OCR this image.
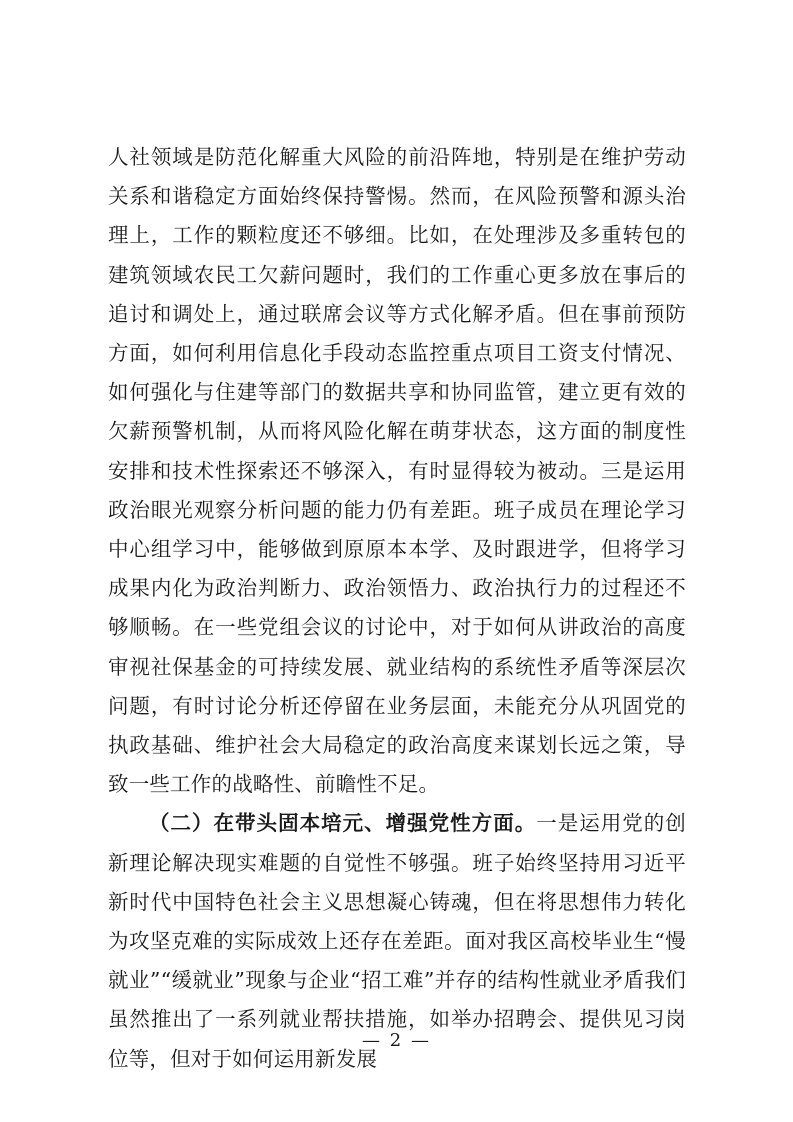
人社领域是防范化解重大风险的前沿阵地，特别是在维护劳动关系和谐稳定方面始终保持警惕。然而，在风险预警和源头治理上，工作的颗粒度还不够细。比如，在处理涉及多重转包的建筑领域农民工欠薪问题时，我们的工作重心更多放在事后的追讨和调处上，通过联席会议等方式化解矛盾。但在事前预防方面，如何利用信息化手段动态监控重点项目工资支付情况、如何强化与住建等部门的数据共享和协同监管，建立更有效的欠薪预警机制，从而将风险化解在萌芽状态，这方面的制度性安排和技术性探索还不够深入，有时显得较为被动。三是运用政治眼光观察分析问题的能力仍有差距。班子成员在理论学习中心组学习中，能够做到原原本本学、及时跟进学，但将学习成果内化为政治判断力、政治领悟力、政治执行力的过程还不够顺畅。在一些党组会议的讨论中，对于如何从讲政治的高度审视社保基金的可持续发展、就业结构的系统性矛盾等深层次问题，有时讨论分析还停留在业务层面，未能充分从巩固党的执政基础、维护社会大局稳定的政治高度来谋划长远之策，导致一些工作的战略性、前瞻性不足。

（二）在带头固本培元、增强党性方面。一是运用党的创新理论解决现实难题的自觉性不够强。班子始终坚持用习近平新时代中国特色社会主义思想凝心铸魂，但在将思想伟力转化为攻坚克难的实际成效上还存在差距。面对我区高校毕业生“慢就业”“缓就业”现象与企业“招工难”并存的结构性就业矛盾我们虽然推出了一系列就业帮扶措施，如举办招聘会、提供见习岗位等，但对于如何运用新发展

— 2 —
